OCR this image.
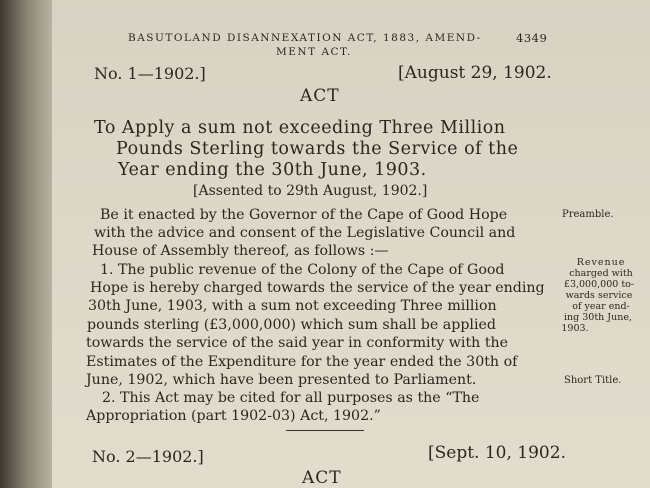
BASUTOLAND DISANNEXATION ACT, 1883, AMEND-	4349
MENT ACT.
No. 1—1902.]	[August 29, 1902.
ACT
To Apply a sum not exceeding Three Million
Pounds Sterling towards the Service of the
Year ending the 30th June, 1903.
[Assented to 29th August, 1902.]
Be it enacted by the Governor of the Cape of Good Hope
with the advice and consent of the Legislative Council and
House of Assembly thereof, as follows :—
Preamble.
1. The public revenue of the Colony of the Cape of Good
Hope is hereby charged towards the service of the year ending
30th June, 1903, with a sum not exceeding Three million
pounds sterling (£3,000,000) which sum shall be applied
towards the service of the said year in conformity with the
Estimates of the Expenditure for the year ended the 30th of
June, 1902, which have been presented to Parliament.
Revenue
charged with
£3,000,000 to-
wards service
of year end-
ing 30th June,
1903.
2. This Act may be cited for all purposes as the “The
Appropriation (part 1902-03) Act, 1902.”
Short Title.
No. 2—1902.]	[Sept. 10, 1902.
ACT
